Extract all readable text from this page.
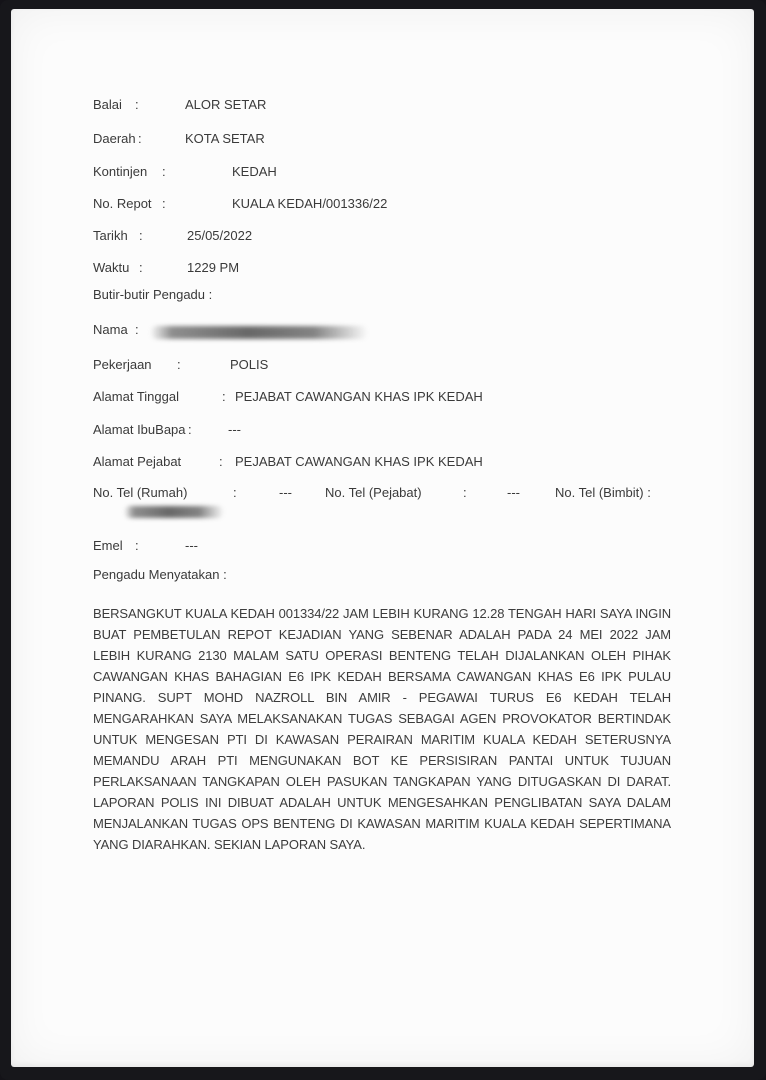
Balai :	ALOR SETAR
Daerah :	KOTA SETAR
Kontinjen :	KEDAH
No. Repot :	KUALA KEDAH/001336/22
Tarikh :	25/05/2022
Waktu :	1229 PM
Butir-butir Pengadu :
Nama :
Pekerjaan :	POLIS
Alamat Tinggal	: PEJABAT CAWANGAN KHAS IPK KEDAH
Alamat IbuBapa :	---
Alamat Pejabat	: PEJABAT CAWANGAN KHAS IPK KEDAH
No. Tel (Rumah)	:	---	No. Tel (Pejabat)	:	---	No. Tel (Bimbit) :
Emel :	---
Pengadu Menyatakan :
BERSANGKUT KUALA KEDAH 001334/22 JAM LEBIH KURANG 12.28 TENGAH HARI SAYA INGIN BUAT PEMBETULAN REPOT KEJADIAN YANG SEBENAR ADALAH PADA 24 MEI 2022 JAM LEBIH KURANG 2130 MALAM SATU OPERASI BENTENG TELAH DIJALANKAN OLEH PIHAK CAWANGAN KHAS BAHAGIAN E6 IPK KEDAH BERSAMA CAWANGAN KHAS E6 IPK PULAU PINANG. SUPT MOHD NAZROLL BIN AMIR - PEGAWAI TURUS E6 KEDAH TELAH MENGARAHKAN SAYA MELAKSANAKAN TUGAS SEBAGAI AGEN PROVOKATOR BERTINDAK UNTUK MENGESAN PTI DI KAWASAN PERAIRAN MARITIM KUALA KEDAH SETERUSNYA MEMANDU ARAH PTI MENGUNAKAN BOT KE PERSISIRAN PANTAI UNTUK TUJUAN PERLAKSANAAN TANGKAPAN OLEH PASUKAN TANGKAPAN YANG DITUGASKAN DI DARAT. LAPORAN POLIS INI DIBUAT ADALAH UNTUK MENGESAHKAN PENGLIBATAN SAYA DALAM MENJALANKAN TUGAS OPS BENTENG DI KAWASAN MARITIM KUALA KEDAH SEPERTIMANA YANG DIARAHKAN. SEKIAN LAPORAN SAYA.
